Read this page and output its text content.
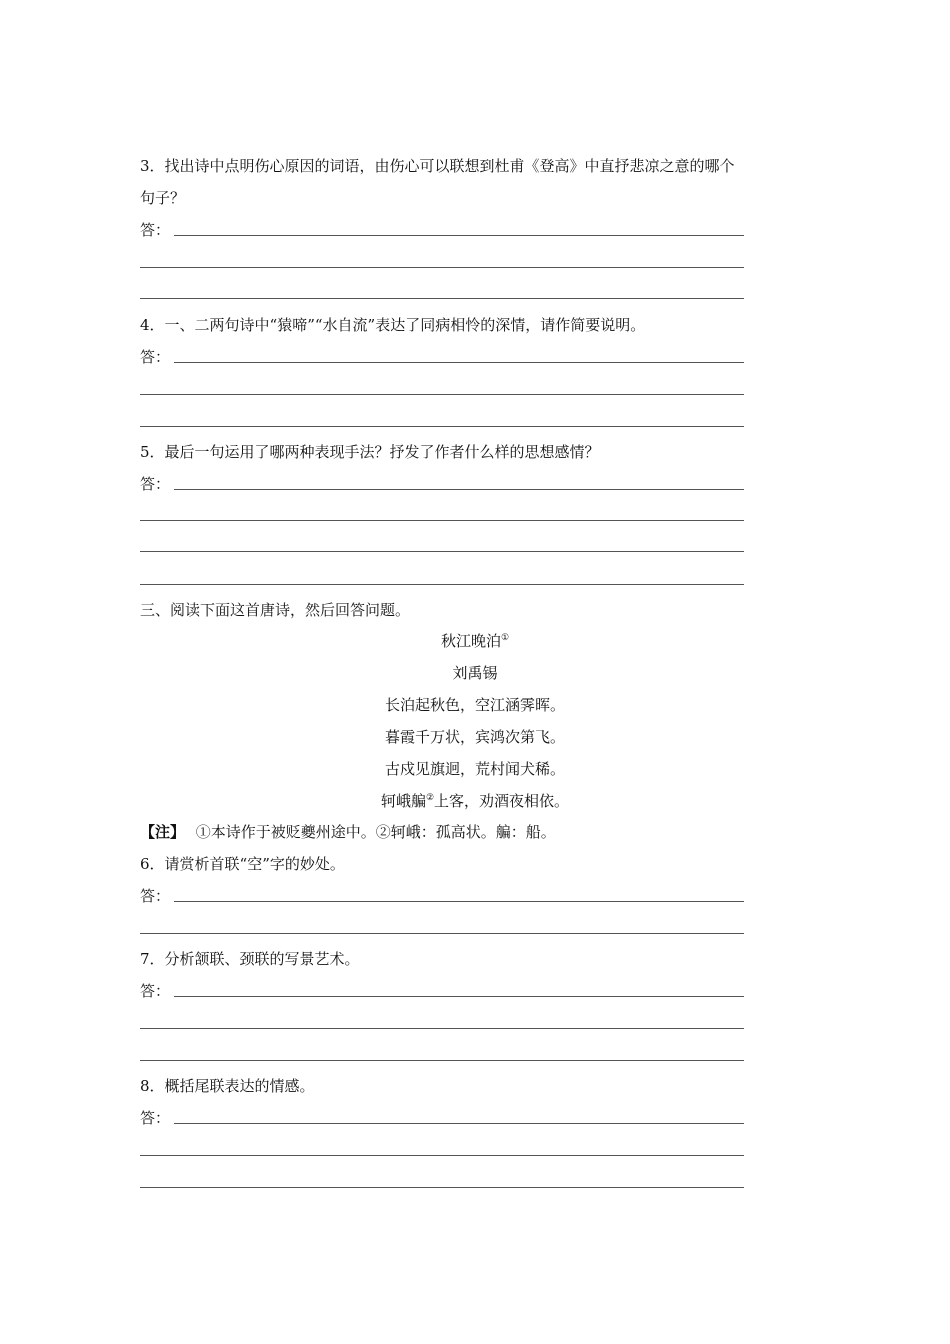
3．找出诗中点明伤心原因的词语，由伤心可以联想到杜甫《登高》中直抒悲凉之意的哪个
句子？
答：
4．一、二两句诗中“猿啼”“水自流”表达了同病相怜的深情，请作简要说明。
答：
5．最后一句运用了哪两种表现手法？抒发了作者什么样的思想感情？
答：
三、阅读下面这首唐诗，然后回答问题。
秋江晚泊①
刘禹锡
长泊起秋色，空江涵霁晖。
暮霞千万状，宾鸿次第飞。
古戍见旗迥，荒村闻犬稀。
轲峨艑②上客，劝酒夜相依。
【注】 ①本诗作于被贬夔州途中。②轲峨：孤高状。艑：船。
6．请赏析首联“空”字的妙处。
答：
7．分析颔联、颈联的写景艺术。
答：
8．概括尾联表达的情感。
答：
